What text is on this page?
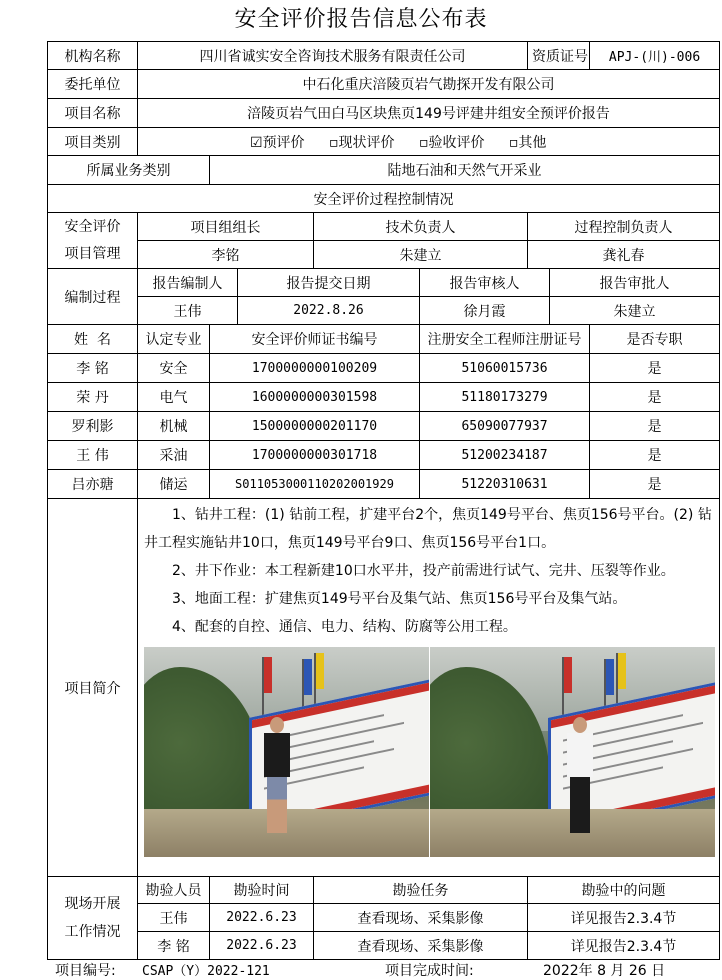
安全评价报告信息公布表
机构名称	四川省诚实安全咨询技术服务有限责任公司					资质证号		APJ-(川)-006
委托单位	中石化重庆涪陵页岩气勘探开发有限公司							
项目名称	涪陵页岩气田白马区块焦页149号评建井组安全预评价报告							
项目类别	☑预评价 ▫现状评价 ▫验收评价 ▫其他							
所属业务类别		陆地石油和天然气开采业						
安全评价过程控制情况								

安全评价
项目管理	项目组组长			技术负责人		过程控制负责人		
	李铭			朱建立		龚礼春		
编制过程	报告编制人		报告提交日期		报告审核人		报告审批人	
	王伟		2022.8.26		徐月霞		朱建立	
姓  名	认定专业	安全评价师证书编号			注册安全工程师注册证号			是否专职
李 铭	安全	1700000000100209			51060015736			是
荣 丹	电气	1600000000301598			51180173279			是
罗利影	机械	1500000000201170			65090077937			是
王 伟	采油	1700000000301718			51200234187			是
吕亦瑭	储运	S011053000110202001929			51220310631			是
项目简介	1、钻井工程：(1) 钻前工程，扩建平台2个，焦页149号平台、焦页156号平台。(2) 钻井工程实施钻井10口，焦页149号平台9口、焦页156号平台1口。

2、井下作业：本工程新建10口水平井，投产前需进行试气、完井、压裂等作业。

3、地面工程：扩建焦页149号平台及集气站、焦页156号平台及集气站。

4、配套的自控、通信、电力、结构、防腐等公用工程。							

现场开展
工作情况	勘验人员	勘验时间		勘验任务		勘验中的问题		
	王伟	2022.6.23		查看现场、采集影像		详见报告2.3.4节		
	李 铭	2022.6.23		查看现场、采集影像		详见报告2.3.4节		
项目编号: CSAP（Y）2022-121	项目完成时间:	2022年 8 月 26 日
